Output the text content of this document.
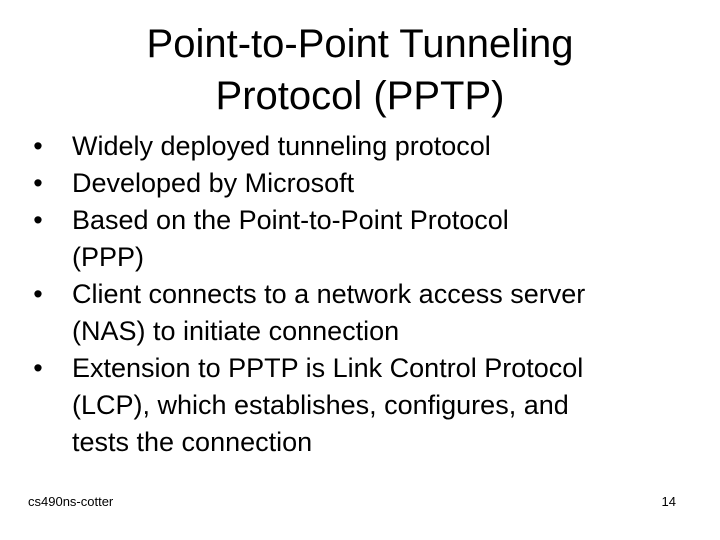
Point-to-Point Tunneling
Protocol (PPTP)
• Widely deployed tunneling protocol
• Developed by Microsoft
• Based on the Point-to-Point Protocol
(PPP)
• Client connects to a network access server
(NAS) to initiate connection
• Extension to PPTP is Link Control Protocol
(LCP), which establishes, configures, and
tests the connection
cs490ns-cotter	14
